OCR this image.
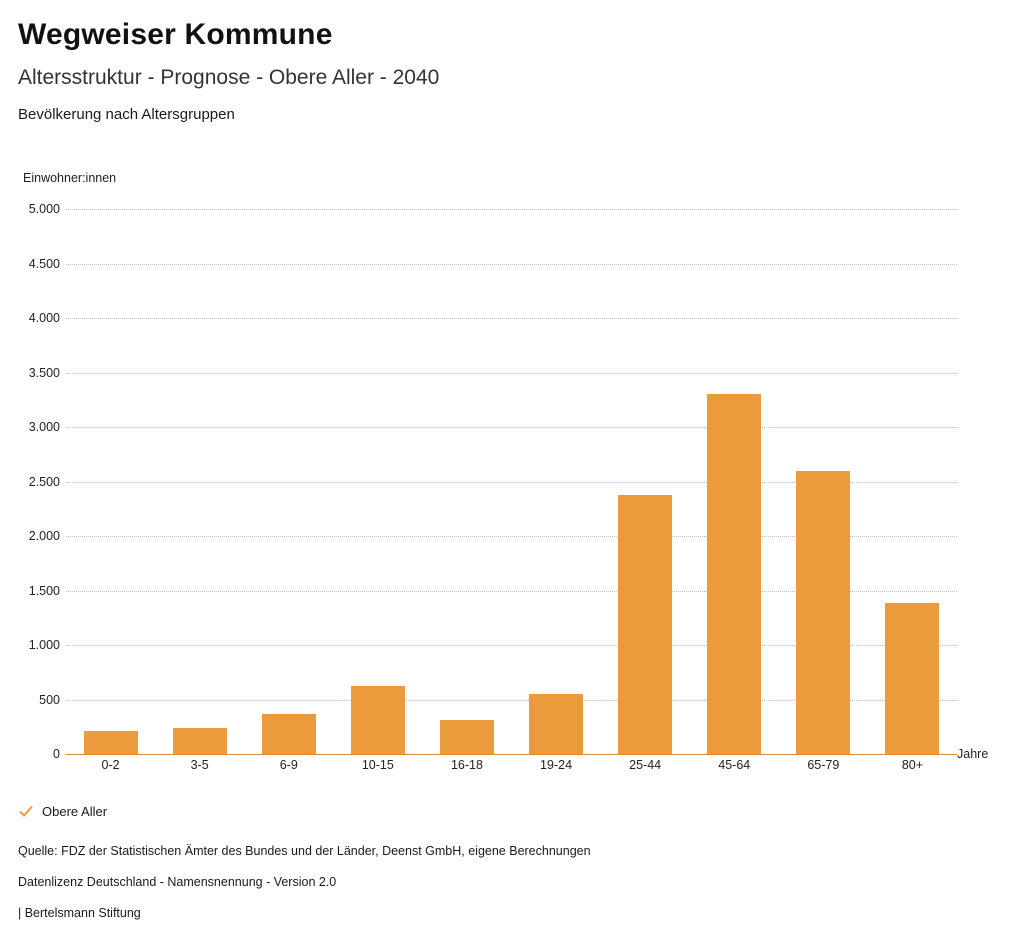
Wegweiser Kommune
Altersstruktur - Prognose - Obere Aller - 2040
Bevölkerung nach Altersgruppen
Einwohner:innen
Jahre
0
500
1.000
1.500
2.000
2.500
3.000
3.500
4.000
4.500
5.000
0-2	3-5	6-9	10-15	16-18	19-24	25-44	45-64	65-79	80+
Obere Aller
Quelle: FDZ der Statistischen Ämter des Bundes und der Länder, Deenst GmbH, eigene Berechnungen
Datenlizenz Deutschland - Namensnennung - Version 2.0
| Bertelsmann Stiftung
